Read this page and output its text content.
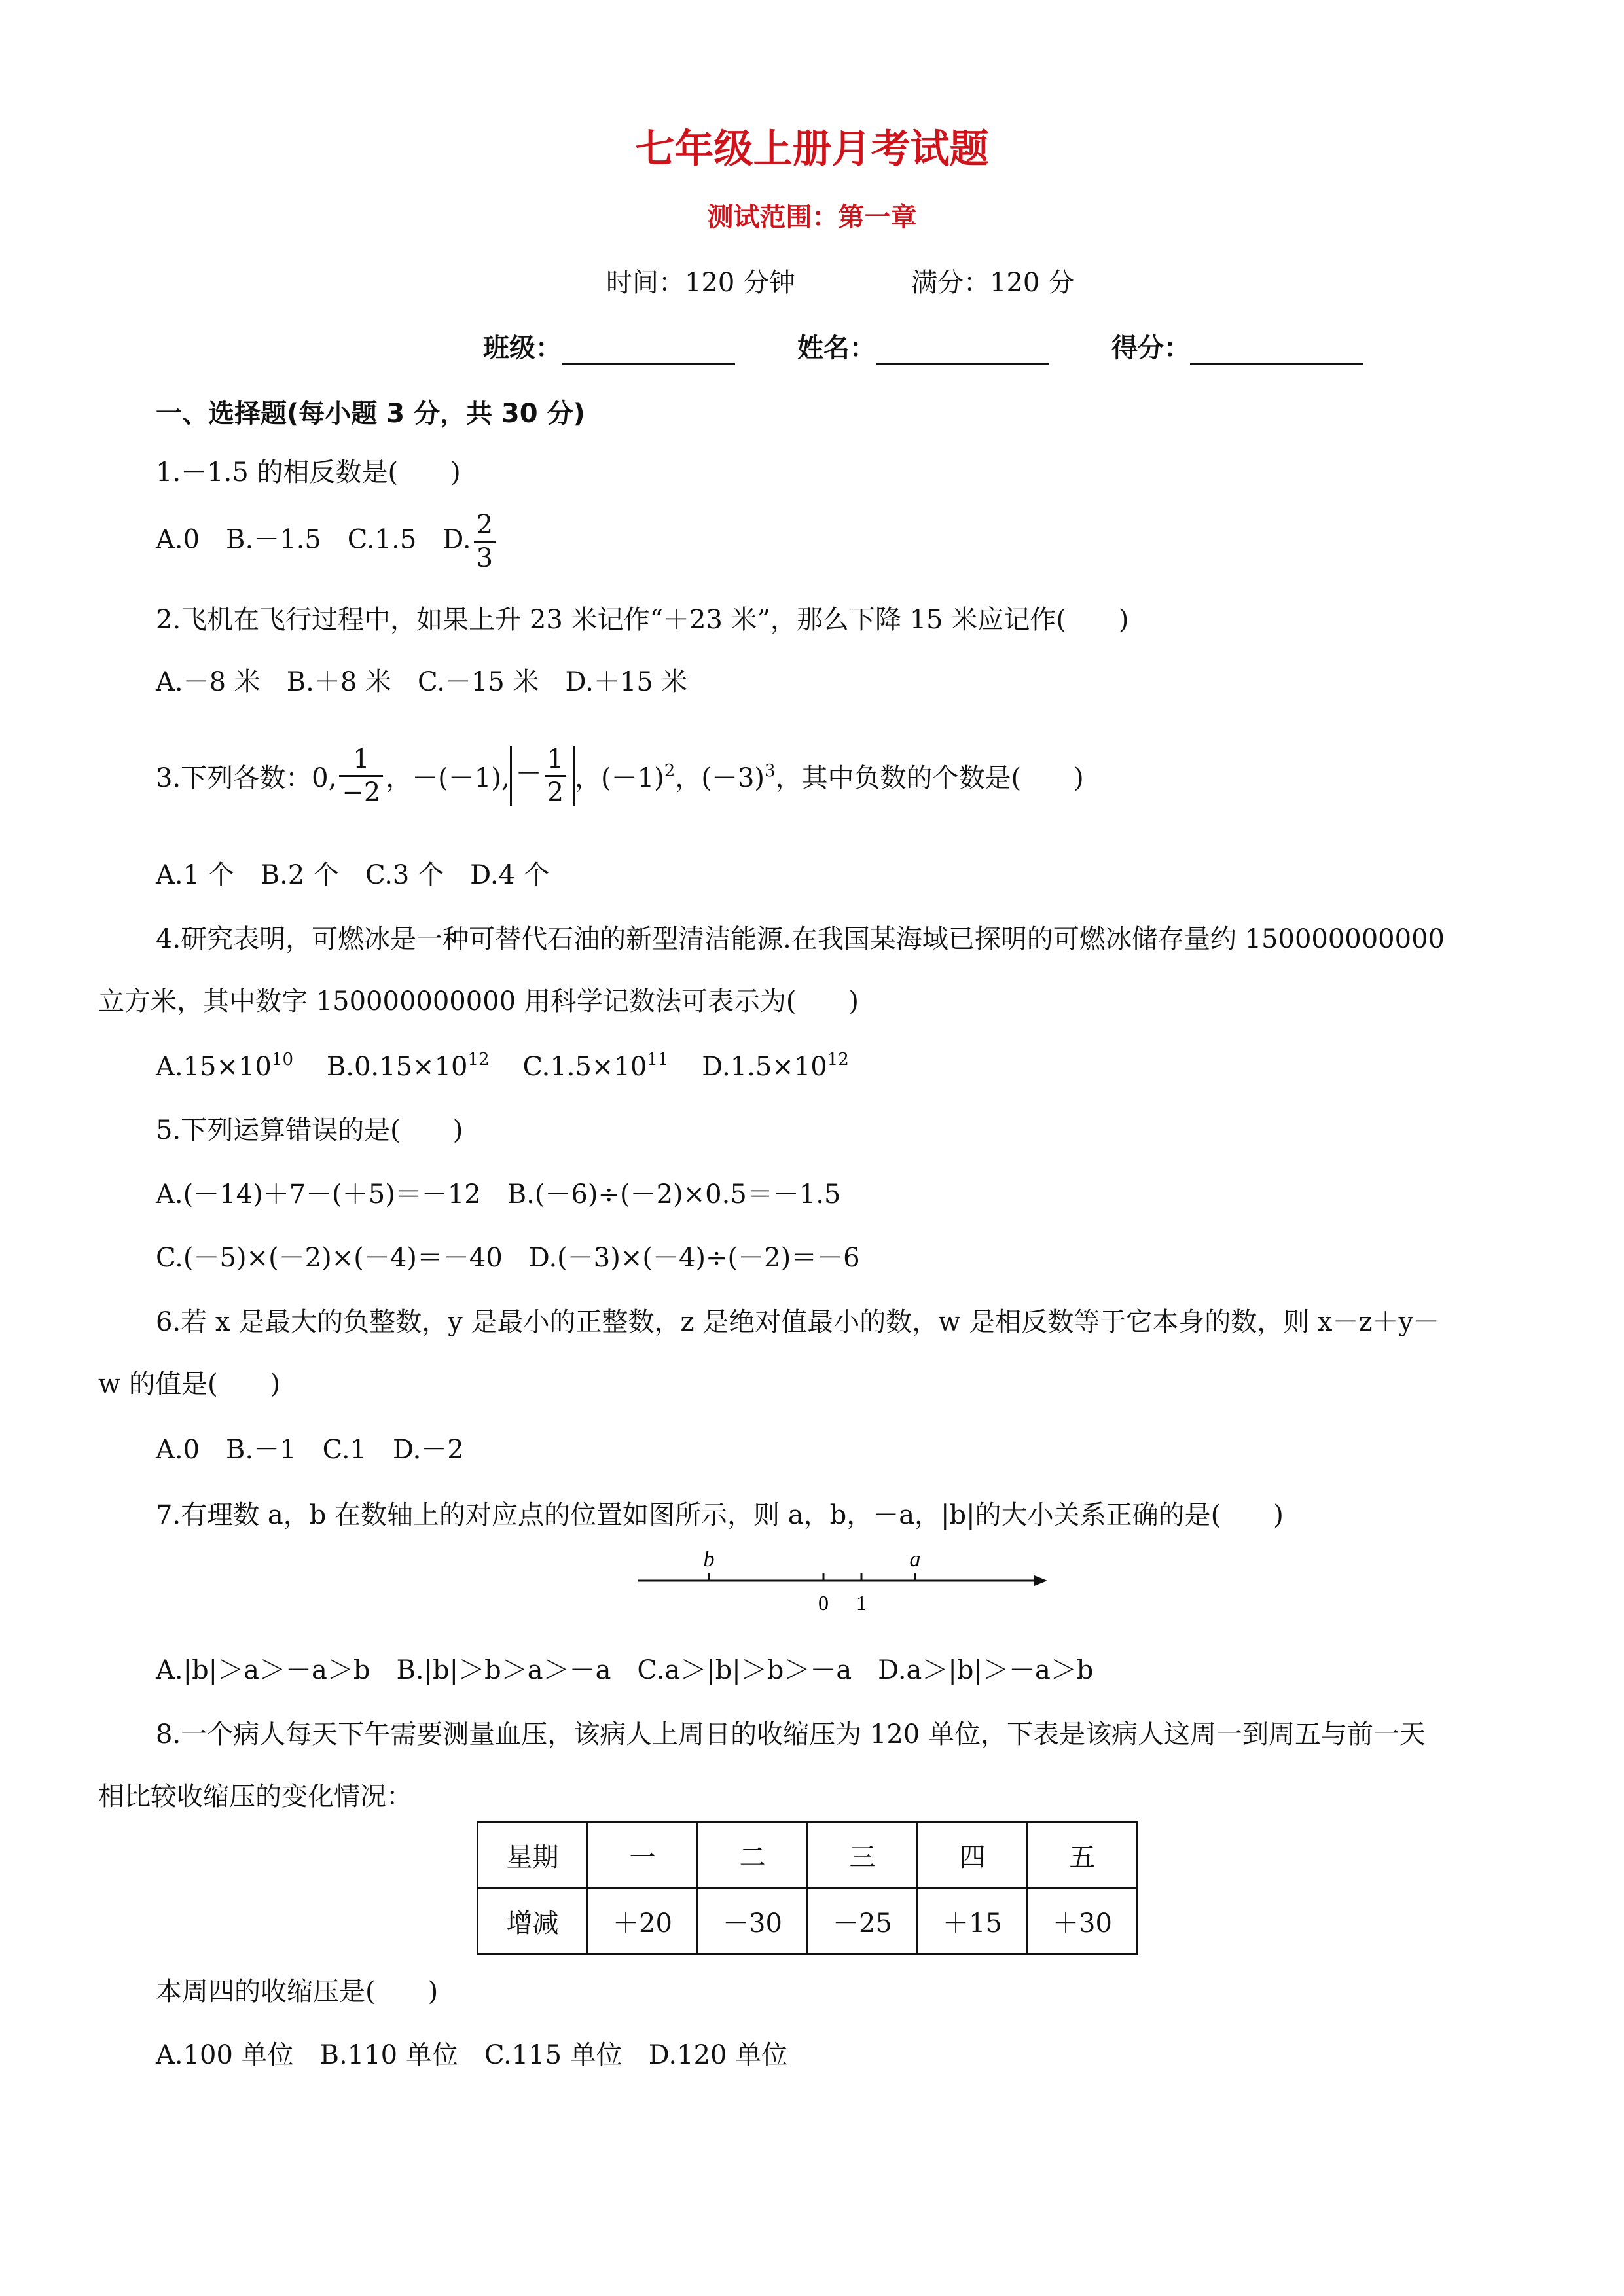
七年级上册月考试题
测试范围：第一章
时间：120 分钟	满分：120 分
班级：	姓名：	得分：
一、选择题(每小题 3 分，共 30 分)
1.－1.5 的相反数是(　　)
A.0　B.－1.5　C.1.5　D. $\frac{2}{3}$
2.飞机在飞行过程中，如果上升 23 米记作“＋23 米”，那么下降 15 米应记作(　　)
A.－8 米　B.＋8 米　C.－15 米　D.＋15 米
3.下列各数：0, $\frac{1}{-2}$ ，－(－1), － $\frac{1}{2}$ ，$(-1)^2$ ，$(-3)^3$ ，其中负数的个数是(　　)
A.1 个　B.2 个　C.3 个　D.4 个
4.研究表明，可燃冰是一种可替代石油的新型清洁能源.在我国某海域已探明的可燃冰储存量约 150000000000
立方米，其中数字 150000000000 用科学记数法可表示为(　　)
$A.15\times 10^{10}$ $B.0.15\times 10^{12}$ $C.1.5\times 10^{11}$ $D.1.5\times 10^{12}$
5.下列运算错误的是(　　)
A.(－14)＋7－(＋5)＝－12　B.(－6)÷(－2)×0.5＝－1.5
C.(－5)×(－2)×(－4)＝－40　D.(－3)×(－4)÷(－2)＝－6
6.若 x 是最大的负整数，y 是最小的正整数，z 是绝对值最小的数，w 是相反数等于它本身的数，则 x－z＋y－
w 的值是(　　)
A.0　B.－1　C.1　D.－2
7.有理数 a，b 在数轴上的对应点的位置如图所示，则 a，b，－a，|b|的大小关系正确的是(　　)
b	a
0 1
A.|b|＞a＞－a＞b　B.|b|＞b＞a＞－a　C.a＞|b|＞b＞－a　D.a＞|b|＞－a＞b
8.一个病人每天下午需要测量血压，该病人上周日的收缩压为 120 单位，下表是该病人这周一到周五与前一天
相比较收缩压的变化情况：
星期	一	二	三	四	五
增减	＋20	－30	－25	＋15	＋30
本周四的收缩压是(　　)
A.100 单位　B.110 单位　C.115 单位　D.120 单位
